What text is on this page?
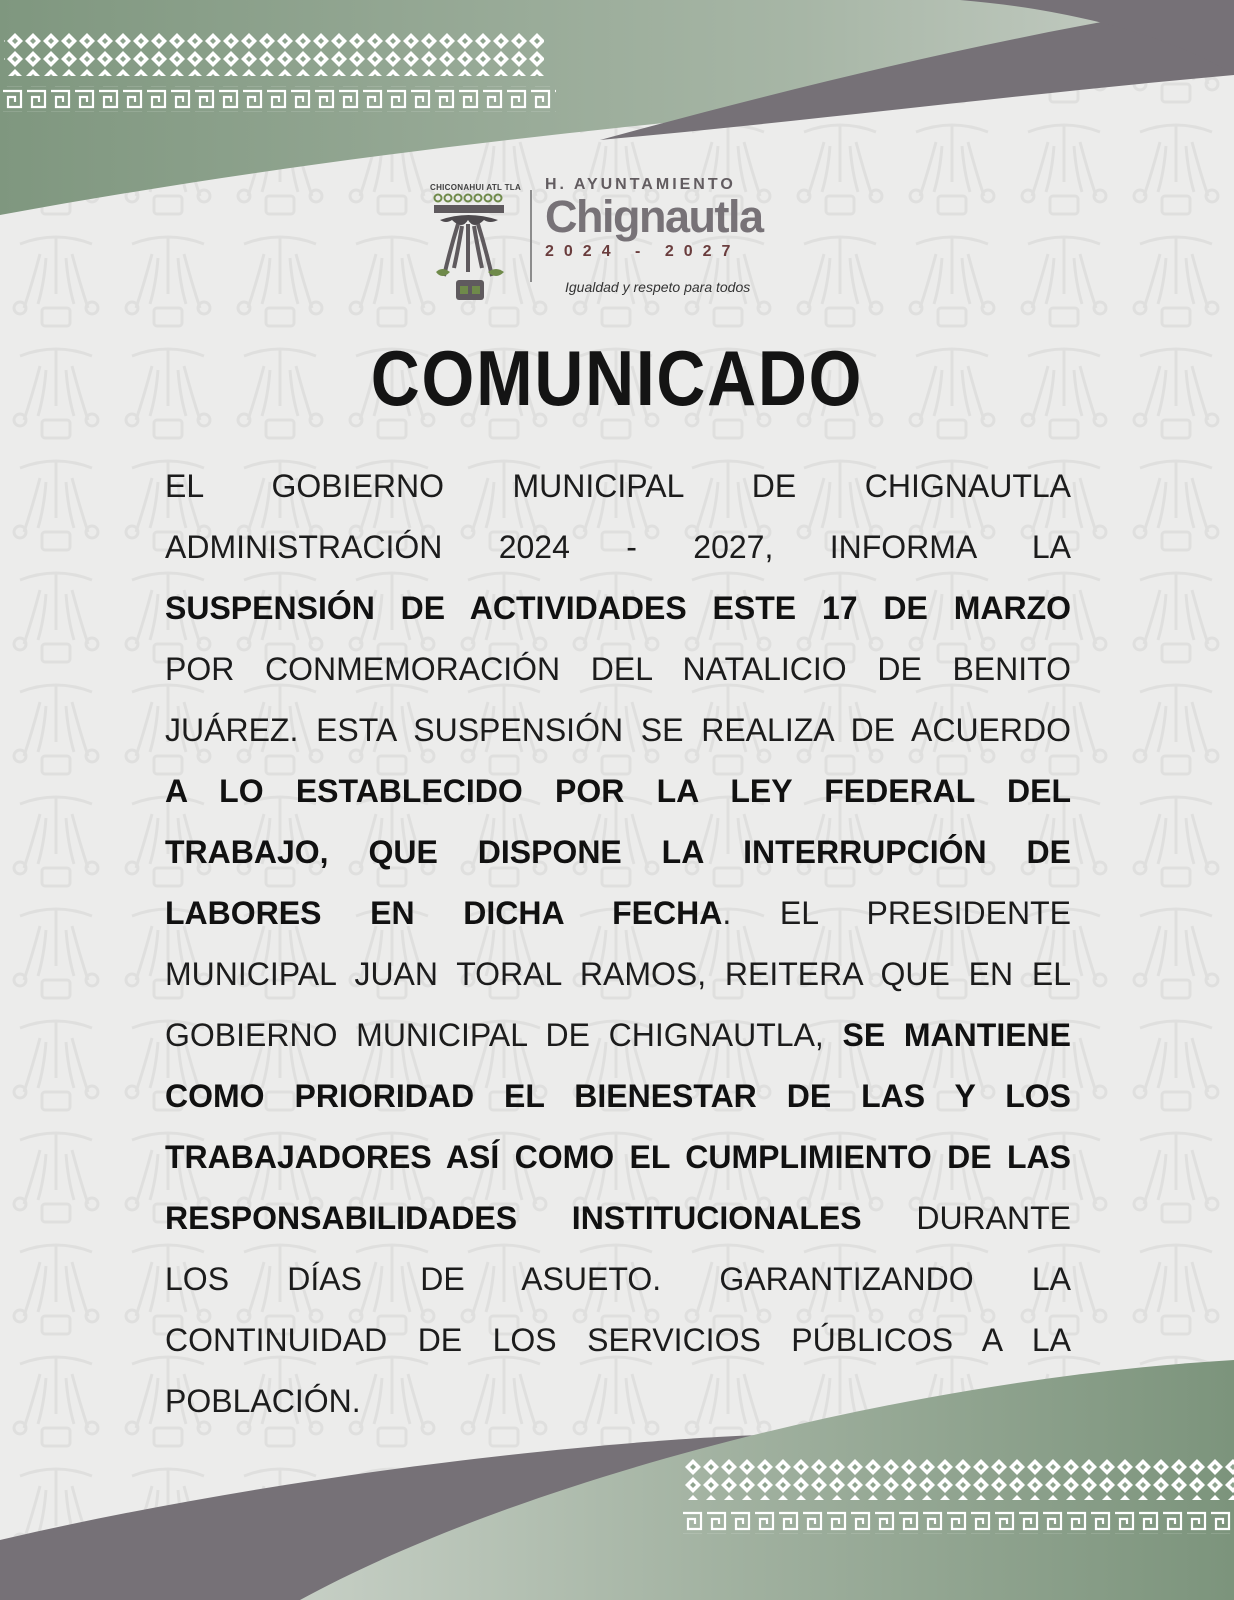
CHICONAHUI ATL TLA	H. AYUNTAMIENTO
Chignautla
2024 - 2027
Igualdad y respeto para todos
COMUNICADO
EL GOBIERNO MUNICIPAL DE CHIGNAUTLA
ADMINISTRACIÓN 2024 - 2027, INFORMA LA
SUSPENSIÓN DE ACTIVIDADES ESTE 17 DE MARZO
POR CONMEMORACIÓN DEL NATALICIO DE BENITO
JUÁREZ. ESTA SUSPENSIÓN SE REALIZA DE ACUERDO
A LO ESTABLECIDO POR LA LEY FEDERAL DEL
TRABAJO, QUE DISPONE LA INTERRUPCIÓN DE
LABORES EN DICHA FECHA. EL PRESIDENTE
MUNICIPAL JUAN TORAL RAMOS, REITERA QUE EN EL
GOBIERNO MUNICIPAL DE CHIGNAUTLA, SE MANTIENE
COMO PRIORIDAD EL BIENESTAR DE LAS Y LOS
TRABAJADORES ASÍ COMO EL CUMPLIMIENTO DE LAS
RESPONSABILIDADES INSTITUCIONALES DURANTE
LOS DÍAS DE ASUETO. GARANTIZANDO LA
CONTINUIDAD DE LOS SERVICIOS PÚBLICOS A LA
POBLACIÓN.
